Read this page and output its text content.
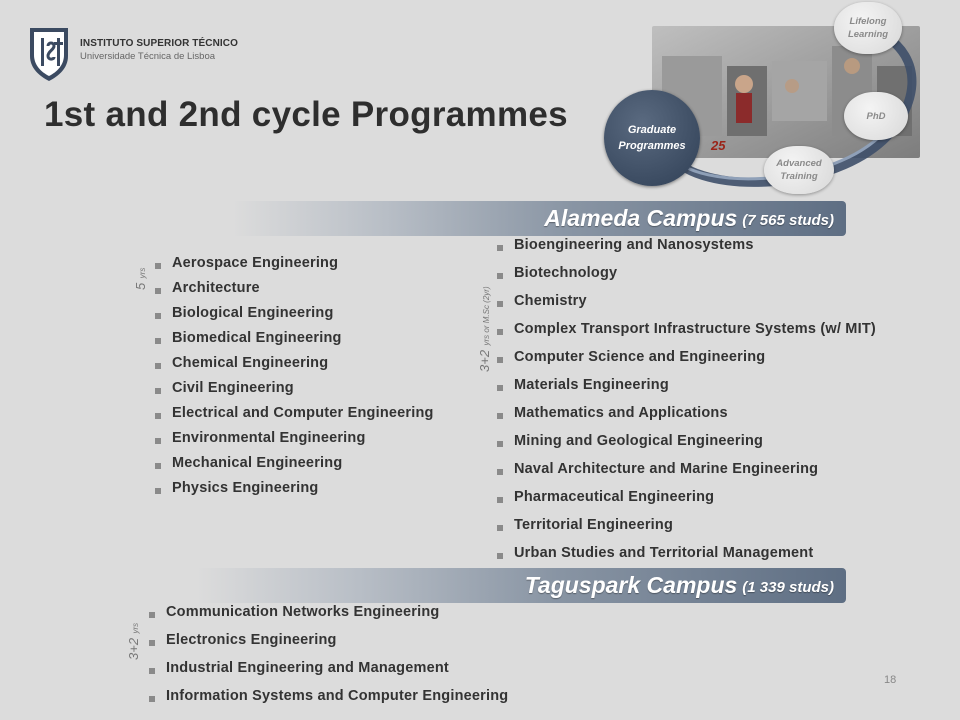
INSTITUTO SUPERIOR TÉCNICO
Universidade Técnica de Lisboa
1st and 2nd cycle Programmes	Graduate
Programmes 25
Lifelong
Learning
PhD
Advanced
Training
Alameda Campus (7 565 studs)
5 yrs
3+2 yrs or M.Sc (2yr)
Aerospace Engineering
Architecture
Biological Engineering
Biomedical Engineering
Chemical Engineering
Civil Engineering
Electrical and Computer Engineering
Environmental Engineering
Mechanical Engineering
Physics Engineering
Bioengineering and Nanosystems
Biotechnology
Chemistry
Complex Transport Infrastructure Systems (w/ MIT)
Computer Science and Engineering
Materials Engineering
Mathematics and Applications
Mining and Geological Engineering
Naval Architecture and Marine Engineering
Pharmaceutical Engineering
Territorial Engineering
Urban Studies and Territorial Management
Taguspark Campus (1 339 studs)
3+2 yrs
Communication Networks Engineering
Electronics Engineering
Industrial Engineering and Management
Information Systems and Computer Engineering
18
